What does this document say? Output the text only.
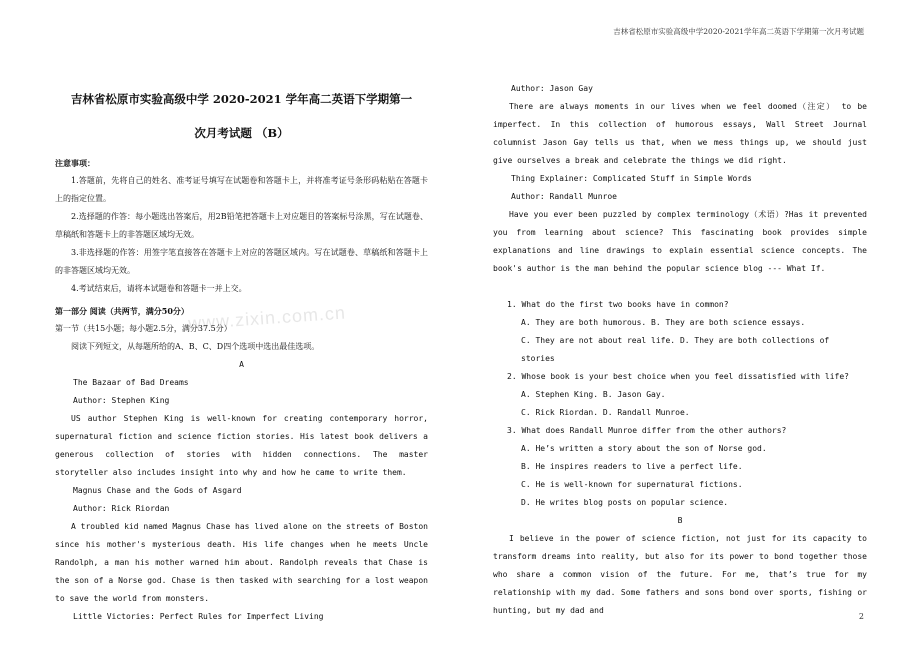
吉林省松原市实验高级中学2020-2021学年高二英语下学期第一次月考试题
吉林省松原市实验高级中学 2020-2021 学年高二英语下学期第一
次月考试题 （B）
注意事项：
1.答题前，先将自己的姓名、准考证号填写在试题卷和答题卡上，并将准考证号条形码粘贴在答题卡上的指定位置。
2.选择题的作答：每小题选出答案后，用2B铅笔把答题卡上对应题目的答案标号涂黑，写在试题卷、草稿纸和答题卡上的非答题区域均无效。
3.非选择题的作答：用签字笔直接答在答题卡上对应的答题区域内。写在试题卷、草稿纸和答题卡上的非答题区域均无效。
4.考试结束后，请将本试题卷和答题卡一并上交。
第一部分 阅读（共两节，满分50分）
第一节（共15小题；每小题2.5分，满分37.5分）
阅读下列短文，从每题所给的A、B、C、D四个选项中选出最佳选项。
A
The Bazaar of Bad Dreams
Author: Stephen King
US author Stephen King is well-known for creating contemporary horror, supernatural fiction and science fiction stories. His latest book delivers a generous collection of stories with hidden connections. The master storyteller also includes insight into why and how he came to write them.
Magnus Chase and the Gods of Asgard
Author: Rick Riordan
A troubled kid named Magnus Chase has lived alone on the streets of Boston since his mother's mysterious death. His life changes when he meets Uncle Randolph, a man his mother warned him about. Randolph reveals that Chase is the son of a Norse god. Chase is then tasked with searching for a lost weapon to save the world from monsters.
Little Victories: Perfect Rules for Imperfect Living
Author: Jason Gay
There are always moments in our lives when we feel doomed（注定） to be imperfect. In this collection of humorous essays, Wall Street Journal columnist Jason Gay tells us that, when we mess things up, we should just give ourselves a break and celebrate the things we did right.
Thing Explainer: Complicated Stuff in Simple Words
Author: Randall Munroe
Have you ever been puzzled by complex terminology（术语）?Has it prevented you from learning about science? This fascinating book provides simple explanations and line drawings to explain essential science concepts. The book's author is the man behind the popular science blog --- What If.
1. What do the first two books have in common?
A. They are both humorous. B. They are both science essays.
C. They are not about real life. D. They are both collections of stories
2. Whose book is your best choice when you feel dissatisfied with life?
A. Stephen King. B. Jason Gay.
C. Rick Riordan. D. Randall Munroe.
3. What does Randall Munroe differ from the other authors?
A. He’s written a story about the son of Norse god.
B. He inspires readers to live a perfect life.
C. He is well-known for supernatural fictions.
D. He writes blog posts on popular science.
B
I believe in the power of science fiction, not just for its capacity to transform dreams into reality, but also for its power to bond together those who share a common vision of the future. For me, that’s true for my relationship with my dad. Some fathers and sons bond over sports, fishing or hunting, but my dad and
www.zixin.com.cn
2
